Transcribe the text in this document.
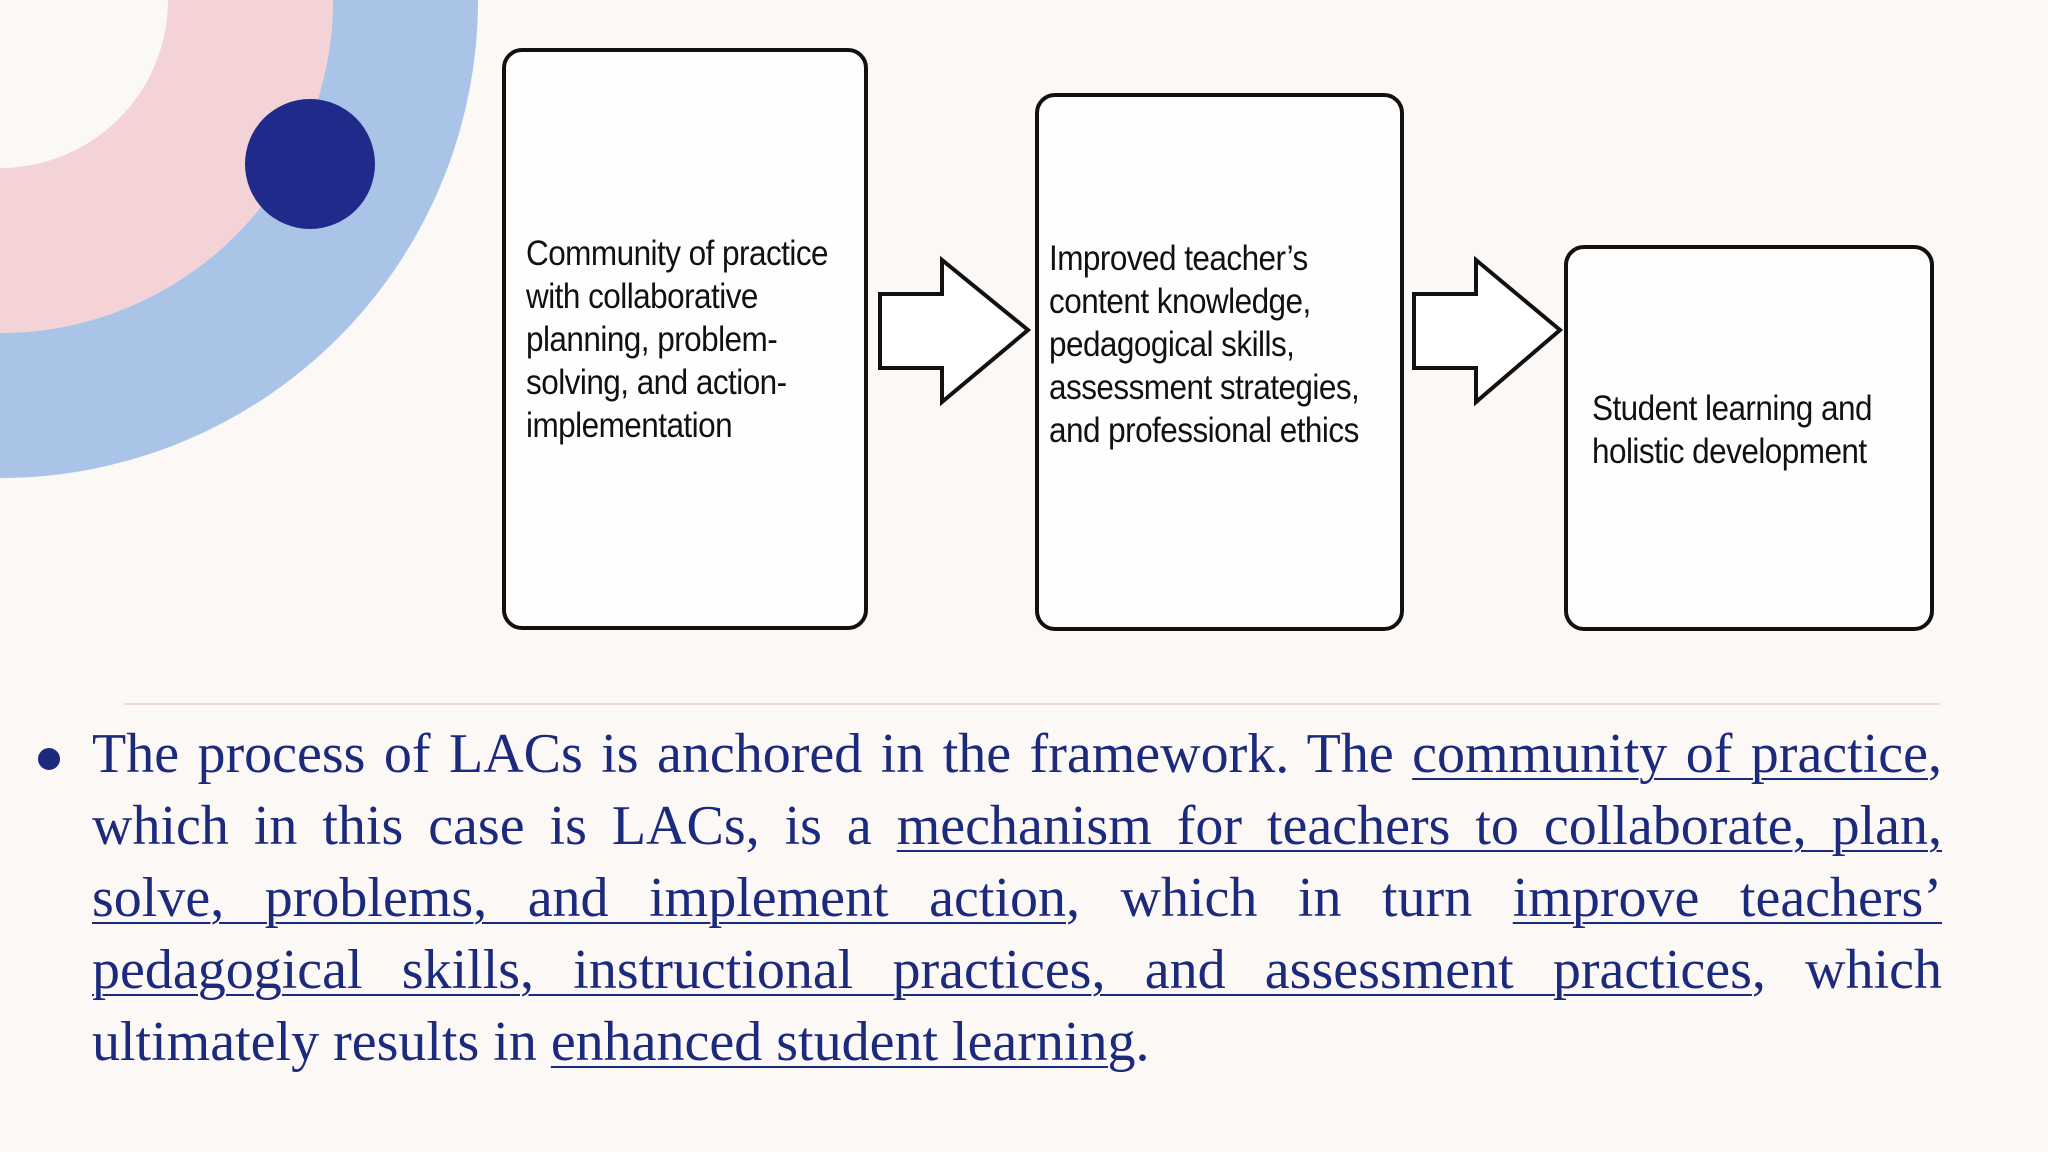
Community of practice
with collaborative
planning, problem-
solving, and action-
implementation
Improved teacher’s
content knowledge,
pedagogical skills,
assessment strategies,
and professional ethics
Student learning and
holistic development

The process of LACs is anchored in the framework. The community of practice, which in this case is LACs, is a mechanism for teachers to collaborate, plan, solve, problems, and implement action, which in turn improve teachers’ pedagogical skills, instructional practices, and assessment practices, which ultimately results in enhanced student learning.
